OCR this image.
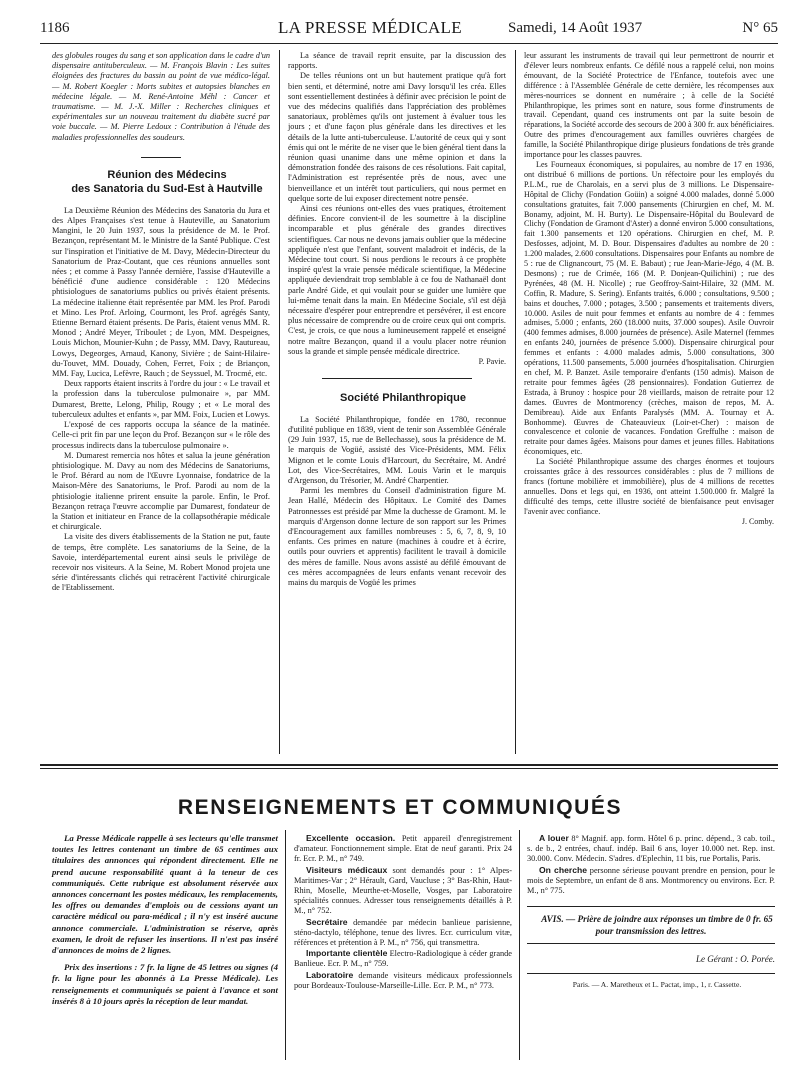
1186	LA PRESSE MÉDICALE	Samedi, 14 Août 1937	N° 65

des globules rouges du sang et son application dans le cadre d'un dispensaire antituberculeux. — M. François Blavin : Les suites éloignées des fractures du bassin au point de vue médico-légal. — M. Robert Koegler : Morts subites et autopsies blanches en médecine légale. — M. René-Antoine Méhl : Cancer et traumatisme. — M. J.-X. Miller : Recherches cliniques et expérimentales sur un nouveau traitement du diabète sucré par voie buccale. — M. Pierre Ledoux : Contribution à l'étude des maladies professionnelles des soudeurs.

Réunion des Médecins

des Sanatoria du Sud-Est à Hautville

La Deuxième Réunion des Médecins des Sanatoria du Jura et des Alpes Françaises s'est tenue à Hauteville, au Sanatorium Mangini, le 20 Juin 1937, sous la présidence de M. le Prof. Bezançon, représentant M. le Ministre de la Santé Publique. C'est sur l'inspiration et l'initiative de M. Davy, Médecin-Directeur du Sanatorium de Praz-Coutant, que ces réunions annuelles sont nées ; et comme à Passy l'année dernière, l'assise d'Hauteville a bénéficié d'une audience considérable : 120 Médecins phtisiologues de sanatoriums publics ou privés étaient présents. La médecine italienne était représentée par MM. les Prof. Parodi et Mino. Les Prof. Arloing, Courmont, les Prof. agrégés Santy, Etienne Bernard étaient présents. De Paris, étaient venus MM. R. Monod ; André Meyer, Triboulet ; de Lyon, MM. Despeignes, Louis Michon, Mounier-Kuhn ; de Passy, MM. Davy, Rautureau, Lowys, Degeorges, Arnaud, Kanony, Sivière ; de Saint-Hilaire-du-Touvet, MM. Douady, Cohen, Ferret, Foix ; de Briançon, MM. Fay, Lucica, Lefèvre, Rauch ; de Seyssuel, M. Trocmé, etc.

Deux rapports étaient inscrits à l'ordre du jour : « Le travail et la profession dans la tuberculose pulmonaire », par MM. Dumarest, Brette, Lelong, Philip, Rougy ; et « Le moral des tuberculeux adultes et enfants », par MM. Foix, Lucien et Lowys.

L'exposé de ces rapports occupa la séance de la matinée. Celle-ci prit fin par une leçon du Prof. Bezançon sur « le rôle des processus indirects dans la tuberculose pulmonaire ».

M. Dumarest remercia nos hôtes et salua la jeune génération phtisiologique. M. Davy au nom des Médecins de Sanatoriums, le Prof. Bérard au nom de l'Œuvre Lyonnaise, fondatrice de la Maison-Mère des Sanatoriums, le Prof. Parodi au nom de la phtisiologie italienne prirent ensuite la parole. Enfin, le Prof. Bezançon retraça l'œuvre accomplie par Dumarest, fondateur de la Station et initiateur en France de la collapsothérapie médicale et chirurgicale.

La visite des divers établissements de la Station ne put, faute de temps, être complète. Les sanatoriums de la Seine, de la Savoie, interdépartemental eurent ainsi seuls le privilège de recevoir nos visiteurs. A la Seine, M. Robert Monod projeta une série d'intéressants clichés qui retracèrent l'activité chirurgicale de l'Etablissement.

La séance de travail reprit ensuite, par la discussion des rapports.

De telles réunions ont un but hautement pratique qu'à fort bien senti, et déterminé, notre ami Davy lorsqu'il les créa. Elles sont essentiellement destinées à définir avec précision le point de vue des médecins qualifiés dans l'appréciation des problèmes sanatoriaux, problèmes qu'ils ont justement à évaluer tous les jours ; et d'une façon plus générale dans les directives et les détails de la lutte anti-tuberculeuse. L'autorité de ceux qui y sont émis qui ont le mérite de ne viser que le bien général tient dans la réunion quasi unanime dans une même opinion et dans la démonstration fondée des raisons de ces résolutions. Fait capital, l'Administration est représentée près de nous, avec une bienveillance et un intérêt tout particuliers, qui nous permet en quelque sorte de lui exposer directement notre pensée.

Ainsi ces réunions ont-elles des vues pratiques, étroitement définies. Encore convient-il de les soumettre à la discipline incomparable et plus générale des grandes directives scientifiques. Car nous ne devons jamais oublier que la médecine appliquée n'est que l'enfant, souvent maladroit et indécis, de la Médecine tout court. Si nous perdions le recours à ce prophète inspiré qu'est la vraie pensée médicale scientifique, la Médecine appliquée deviendrait trop semblable à ce fou de Nathanaël dont parle André Gide, et qui voulait pour se guider une lumière que lui-même tenait dans la main. En Médecine Sociale, s'il est déjà nécessaire d'espérer pour entreprendre et persévérer, il est encore plus nécessaire de comprendre ou de croire ceux qui ont compris. C'est, je crois, ce que nous a lumineusement rappelé et enseigné notre maître Bezançon, quand il a voulu placer notre réunion sous la grande et simple pensée médicale directrice.

P. Pavie.

Société Philanthropique

La Société Philanthropique, fondée en 1780, reconnue d'utilité publique en 1839, vient de tenir son Assemblée Générale (29 Juin 1937, 15, rue de Bellechasse), sous la présidence de M. le marquis de Vogüé, assisté des Vice-Présidents, MM. Félix Mignon et le comte Louis d'Harcourt, du Secrétaire, M. André Lot, des Vice-Secrétaires, MM. Louis Varin et le marquis d'Argenson, du Trésorier, M. André Charpentier.

Parmi les membres du Conseil d'administration figure M. Jean Hallé, Médecin des Hôpitaux. Le Comité des Dames Patronnesses est présidé par Mme la duchesse de Gramont. M. le marquis d'Argenson donne lecture de son rapport sur les Primes d'Encouragement aux familles nombreuses : 5, 6, 7, 8, 9, 10 enfants. Ces primes en nature (machines à coudre et à écrire, outils pour ouvriers et apprentis) facilitent le travail à domicile des mères de famille. Nous avons assisté au défilé émouvant de ces mères accompagnées de leurs enfants venant recevoir des mains du marquis de Vogüé les primes

leur assurant les instruments de travail qui leur permettront de nourrir et d'élever leurs nombreux enfants. Ce défilé nous a rappelé celui, non moins émouvant, de la Société Protectrice de l'Enfance, toutefois avec une différence : à l'Assemblée Générale de cette dernière, les récompenses aux mères-nourrices se donnent en numéraire ; à celle de la Société Philanthropique, les primes sont en nature, sous forme d'instruments de travail. Cependant, quand ces instruments ont par la suite besoin de réparations, la Société accorde des secours de 200 à 300 fr. aux bénéficiaires. Outre des primes d'encouragement aux familles ouvrières chargées de famille, la Société Philanthropique dirige plusieurs fondations de très grande importance pour les classes pauvres.

Les Fourneaux économiques, si populaires, au nombre de 17 en 1936, ont distribué 6 millions de portions. Un réfectoire pour les employés du P.L.M., rue de Charolais, en a servi plus de 3 millions. Le Dispensaire-Hôpital de Clichy (Fondation Goüin) a soigné 4.000 malades, donné 5.000 consultations gratuites, fait 7.000 pansements (Chirurgien en chef, M. M. Bonamy, adjoint, M. H. Burty). Le Dispensaire-Hôpital du Boulevard de Clichy (Fondation de Gramont d'Aster) a donné environ 5.000 consultations, fait 1.300 pansements et 120 opérations. Chirurgien en chef, M. P. Desfosses, adjoint, M. D. Bour. Dispensaires d'adultes au nombre de 20 : 1.200 malades, 2.600 consultations. Dispensaires pour Enfants au nombre de 5 : rue de Clignancourt, 75 (M. E. Babaut) ; rue Jean-Marie-Jégo, 4 (M. B. Desmons) ; rue de Crimée, 166 (M. P. Donjean-Quilichini) ; rue des Pyrénées, 48 (M. H. Nicolle) ; rue Geoffroy-Saint-Hilaire, 32 (MM. M. Coffin, R. Madure, S. Sering). Enfants traités, 6.000 ; consultations, 9.500 ; bains et douches, 7.000 ; potages, 3.500 ; pansements et traitements divers, 10.000. Asiles de nuit pour femmes et enfants au nombre de 4 : femmes admises, 5.000 ; enfants, 260 (18.000 nuits, 37.000 soupes). Asile Ouvroir (400 femmes admises, 8.000 journées de présence). Asile Maternel (femmes en enfants 240, journées de présence 5.000). Dispensaire chirurgical pour femmes et enfants : 4.000 malades admis, 5.000 consultations, 300 opérations, 11.500 pansements, 5.000 journées d'hospitalisation. Chirurgien en chef, M. P. Banzet. Asile temporaire d'enfants (150 admis). Maison de retraite pour femmes âgées (28 pensionnaires). Fondation Gutierrez de Estrada, à Brunoy : hospice pour 28 vieillards, maison de retraite pour 12 dames. Œuvres de Montmorency (crèches, maison de repos, M. A. Demibreau). Aide aux Enfants Paralysés (MM. A. Tournay et A. Bonhomme). Œuvres de Chateauvieux (Loir-et-Cher) : maison de convalescence et colonie de vacances. Fondation Greffulhe : maison de retraite pour dames âgées. Maisons pour dames et jeunes filles. Habitations économiques, etc.

La Société Philanthropique assume des charges énormes et toujours croissantes grâce à des ressources considérables : plus de 7 millions de francs (fortune mobilière et immobilière), plus de 4 millions de recettes annuelles. Dons et legs qui, en 1936, ont atteint 1.500.000 fr. Malgré la difficulté des temps, cette illustre société de bienfaisance peut envisager l'avenir avec confiance.

J. Comby.

RENSEIGNEMENTS ET COMMUNIQUÉS

La Presse Médicale rappelle à ses lecteurs qu'elle transmet toutes les lettres contenant un timbre de 65 centimes aux titulaires des annonces qui répondent directement. Elle ne prend aucune responsabilité quant à la teneur de ces communiqués. Cette rubrique est absolument réservée aux annonces concernant les postes médicaux, les remplacements, les offres ou demandes d'emplois ou de cessions ayant un caractère médical ou para-médical ; il n'y est inséré aucune annonce commerciale. L'administration se réserve, après examen, le droit de refuser les insertions. Il n'est pas inséré d'annonces de moins de 2 lignes.

Prix des insertions : 7 fr. la ligne de 45 lettres ou signes (4 fr. la ligne pour les abonnés à La Presse Médicale). Les renseignements et communiqués se paient à l'avance et sont insérés 8 à 10 jours après la réception de leur mandat.

Excellente occasion. Petit appareil d'enregistrement d'amateur. Fonctionnement simple. Etat de neuf garanti. Prix 24 fr. Ecr. P. M., n° 749.

Visiteurs médicaux sont demandés pour : 1° Alpes-Maritimes-Var ; 2° Hérault, Gard, Vaucluse ; 3° Bas-Rhin, Haut-Rhin, Moselle, Meurthe-et-Moselle, Vosges, par Laboratoire spécialités connues. Adresser tous renseignements détaillés à P. M., n° 752.

Secrétaire demandée par médecin banlieue parisienne, sténo-dactylo, téléphone, tenue des livres. Ecr. curriculum vitæ, références et prétention à P. M., n° 756, qui transmettra.

Importante clientèle Electro-Radiologique à céder grande Banlieue. Ecr. P. M., n° 759.

Laboratoire demande visiteurs médicaux professionnels pour Bordeaux-Toulouse-Marseille-Lille. Ecr. P. M., n° 773.

A louer 8° Magnif. app. form. Hôtel 6 p. princ. dépend., 3 cab. toil., s. de b., 2 entrées, chauf. indép. Bail 6 ans, loyer 10.000 net. Rep. inst. 30.000. Conv. Médecin. S'adres. d'Eplechin, 11 bis, rue Portalis, Paris.

On cherche personne sérieuse pouvant prendre en pension, pour le mois de Septembre, un enfant de 8 ans. Montmorency ou environs. Ecr. P. M., n° 775.

AVIS. — Prière de joindre aux réponses un timbre de 0 fr. 65 pour transmission des lettres.

Le Gérant : O. Porée.

Paris. — A. Maretheux et L. Pactat, imp., 1, r. Cassette.
